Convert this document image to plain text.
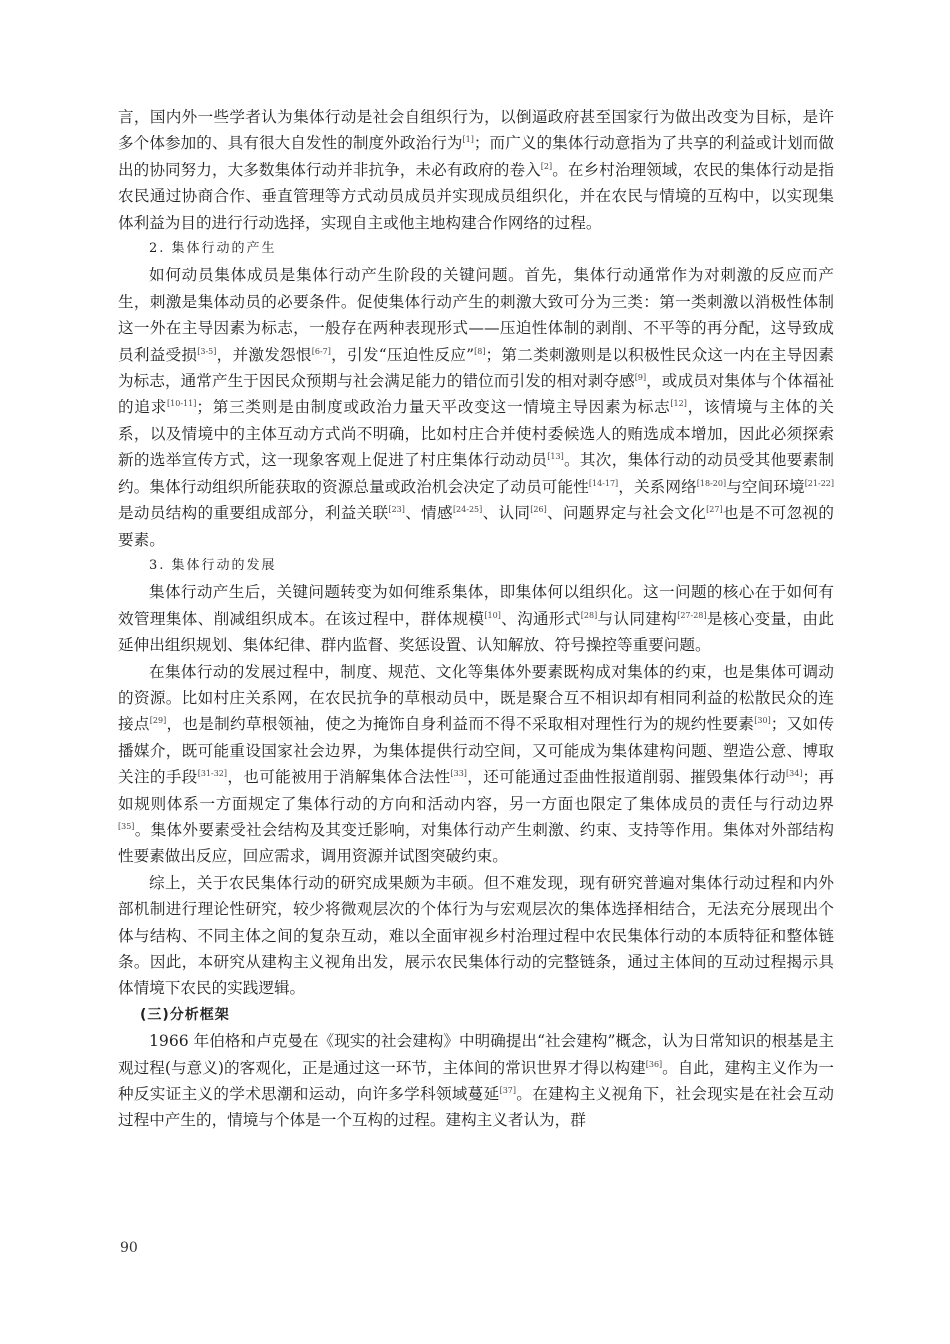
言，国内外一些学者认为集体行动是社会自组织行为，以倒逼政府甚至国家行为做出改变为目标，是许多个体参加的、具有很大自发性的制度外政治行为[1]；而广义的集体行动意指为了共享的利益或计划而做出的协同努力，大多数集体行动并非抗争，未必有政府的卷入[2]。在乡村治理领域，农民的集体行动是指农民通过协商合作、垂直管理等方式动员成员并实现成员组织化，并在农民与情境的互构中，以实现集体利益为目的进行行动选择，实现自主或他主地构建合作网络的过程。

2. 集体行动的产生

如何动员集体成员是集体行动产生阶段的关键问题。首先，集体行动通常作为对刺激的反应而产生，刺激是集体动员的必要条件。促使集体行动产生的刺激大致可分为三类：第一类刺激以消极性体制这一外在主导因素为标志，一般存在两种表现形式——压迫性体制的剥削、不平等的再分配，这导致成员利益受损[3-5]，并激发怨恨[6-7]，引发“压迫性反应”[8]；第二类刺激则是以积极性民众这一内在主导因素为标志，通常产生于因民众预期与社会满足能力的错位而引发的相对剥夺感[9]，或成员对集体与个体福祉的追求[10-11]；第三类则是由制度或政治力量天平改变这一情境主导因素为标志[12]，该情境与主体的关系，以及情境中的主体互动方式尚不明确，比如村庄合并使村委候选人的贿选成本增加，因此必须探索新的选举宣传方式，这一现象客观上促进了村庄集体行动动员[13]。其次，集体行动的动员受其他要素制约。集体行动组织所能获取的资源总量或政治机会决定了动员可能性[14-17]，关系网络[18-20]与空间环境[21-22]是动员结构的重要组成部分，利益关联[23]、情感[24-25]、认同[26]、问题界定与社会文化[27]也是不可忽视的要素。

3. 集体行动的发展

集体行动产生后，关键问题转变为如何维系集体，即集体何以组织化。这一问题的核心在于如何有效管理集体、削减组织成本。在该过程中，群体规模[10]、沟通形式[28]与认同建构[27-28]是核心变量，由此延伸出组织规划、集体纪律、群内监督、奖惩设置、认知解放、符号操控等重要问题。

在集体行动的发展过程中，制度、规范、文化等集体外要素既构成对集体的约束，也是集体可调动的资源。比如村庄关系网，在农民抗争的草根动员中，既是聚合互不相识却有相同利益的松散民众的连接点[29]，也是制约草根领袖，使之为掩饰自身利益而不得不采取相对理性行为的规约性要素[30]；又如传播媒介，既可能重设国家社会边界，为集体提供行动空间，又可能成为集体建构问题、塑造公意、博取关注的手段[31-32]，也可能被用于消解集体合法性[33]，还可能通过歪曲性报道削弱、摧毁集体行动[34]；再如规则体系一方面规定了集体行动的方向和活动内容，另一方面也限定了集体成员的责任与行动边界[35]。集体外要素受社会结构及其变迁影响，对集体行动产生刺激、约束、支持等作用。集体对外部结构性要素做出反应，回应需求，调用资源并试图突破约束。

综上，关于农民集体行动的研究成果颇为丰硕。但不难发现，现有研究普遍对集体行动过程和内外部机制进行理论性研究，较少将微观层次的个体行为与宏观层次的集体选择相结合，无法充分展现出个体与结构、不同主体之间的复杂互动，难以全面审视乡村治理过程中农民集体行动的本质特征和整体链条。因此，本研究从建构主义视角出发，展示农民集体行动的完整链条，通过主体间的互动过程揭示具体情境下农民的实践逻辑。

(三)分析框架

1966 年伯格和卢克曼在《现实的社会建构》中明确提出“社会建构”概念，认为日常知识的根基是主观过程(与意义)的客观化，正是通过这一环节，主体间的常识世界才得以构建[36]。自此，建构主义作为一种反实证主义的学术思潮和运动，向许多学科领域蔓延[37]。在建构主义视角下，社会现实是在社会互动过程中产生的，情境与个体是一个互构的过程。建构主义者认为，群

90
